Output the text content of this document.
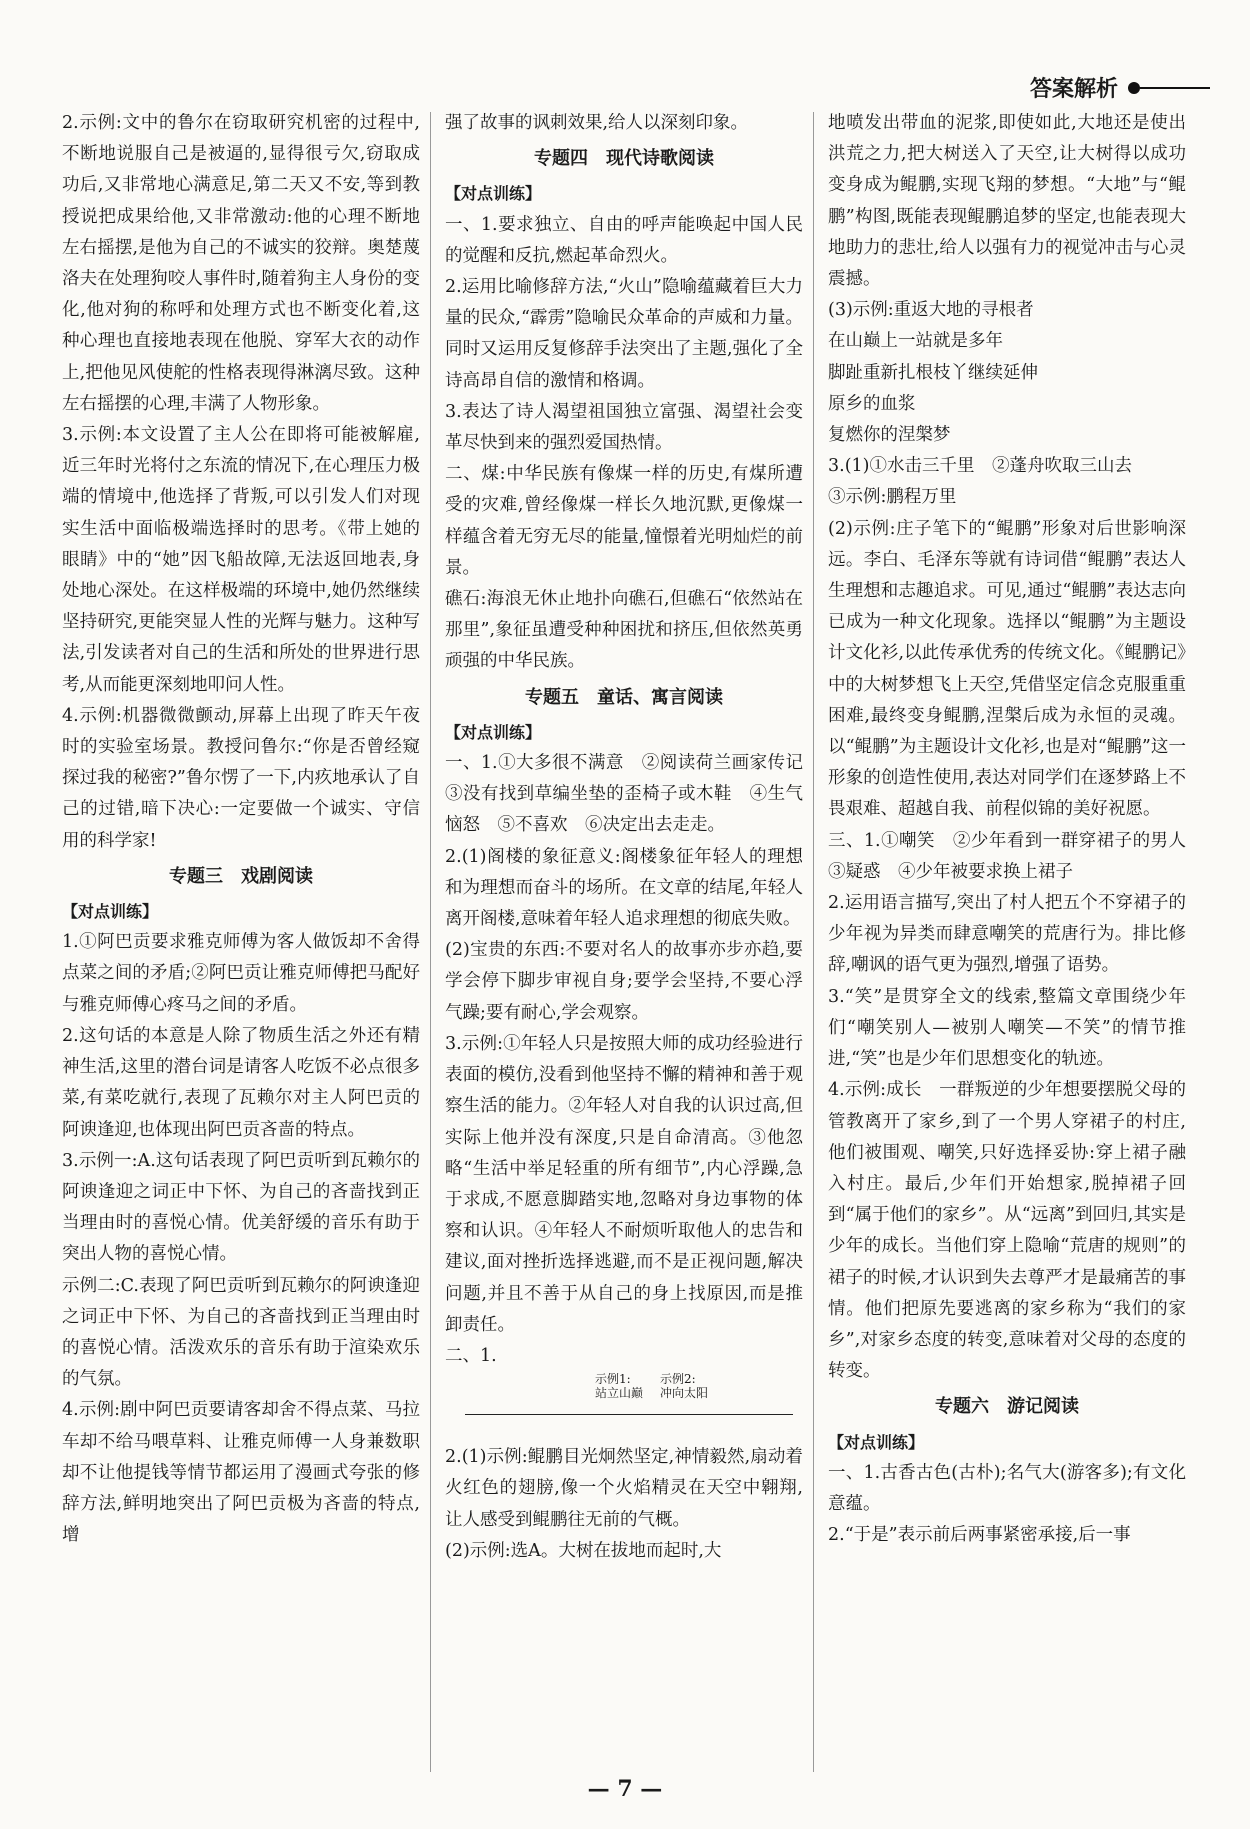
答案解析

2.示例:文中的鲁尔在窃取研究机密的过程中,不断地说服自己是被逼的,显得很亏欠,窃取成功后,又非常地心满意足,第二天又不安,等到教授说把成果给他,又非常激动:他的心理不断地左右摇摆,是他为自己的不诚实的狡辩。奥楚蔑洛夫在处理狗咬人事件时,随着狗主人身份的变化,他对狗的称呼和处理方式也不断变化着,这种心理也直接地表现在他脱、穿军大衣的动作上,把他见风使舵的性格表现得淋漓尽致。这种左右摇摆的心理,丰满了人物形象。

3.示例:本文设置了主人公在即将可能被解雇,近三年时光将付之东流的情况下,在心理压力极端的情境中,他选择了背叛,可以引发人们对现实生活中面临极端选择时的思考。《带上她的眼睛》中的“她”因飞船故障,无法返回地表,身处地心深处。在这样极端的环境中,她仍然继续坚持研究,更能突显人性的光辉与魅力。这种写法,引发读者对自己的生活和所处的世界进行思考,从而能更深刻地叩问人性。

4.示例:机器微微颤动,屏幕上出现了昨天午夜时的实验室场景。教授问鲁尔:“你是否曾经窥探过我的秘密?”鲁尔愣了一下,内疚地承认了自己的过错,暗下决心:一定要做一个诚实、守信用的科学家!

专题三　戏剧阅读
【对点训练】

1.①阿巴贡要求雅克师傅为客人做饭却不舍得点菜之间的矛盾;②阿巴贡让雅克师傅把马配好与雅克师傅心疼马之间的矛盾。

2.这句话的本意是人除了物质生活之外还有精神生活,这里的潜台词是请客人吃饭不必点很多菜,有菜吃就行,表现了瓦赖尔对主人阿巴贡的阿谀逢迎,也体现出阿巴贡吝啬的特点。

3.示例一:A.这句话表现了阿巴贡听到瓦赖尔的阿谀逢迎之词正中下怀、为自己的吝啬找到正当理由时的喜悦心情。优美舒缓的音乐有助于突出人物的喜悦心情。

示例二:C.表现了阿巴贡听到瓦赖尔的阿谀逢迎之词正中下怀、为自己的吝啬找到正当理由时的喜悦心情。活泼欢乐的音乐有助于渲染欢乐的气氛。

4.示例:剧中阿巴贡要请客却舍不得点菜、马拉车却不给马喂草料、让雅克师傅一人身兼数职却不让他提钱等情节都运用了漫画式夸张的修辞方法,鲜明地突出了阿巴贡极为吝啬的特点,增

强了故事的讽刺效果,给人以深刻印象。

专题四　现代诗歌阅读
【对点训练】

一、1.要求独立、自由的呼声能唤起中国人民的觉醒和反抗,燃起革命烈火。

2.运用比喻修辞方法,“火山”隐喻蕴藏着巨大力量的民众,“霹雳”隐喻民众革命的声威和力量。同时又运用反复修辞手法突出了主题,强化了全诗高昂自信的激情和格调。

3.表达了诗人渴望祖国独立富强、渴望社会变革尽快到来的强烈爱国热情。

二、煤:中华民族有像煤一样的历史,有煤所遭受的灾难,曾经像煤一样长久地沉默,更像煤一样蕴含着无穷无尽的能量,憧憬着光明灿烂的前景。

礁石:海浪无休止地扑向礁石,但礁石“依然站在那里”,象征虽遭受种种困扰和挤压,但依然英勇顽强的中华民族。

专题五　童话、寓言阅读
【对点训练】

一、1.①大多很不满意　②阅读荷兰画家传记　③没有找到草编坐垫的歪椅子或木鞋　④生气恼怒　⑤不喜欢　⑥决定出去走走。

2.(1)阁楼的象征意义:阁楼象征年轻人的理想和为理想而奋斗的场所。在文章的结尾,年轻人离开阁楼,意味着年轻人追求理想的彻底失败。

(2)宝贵的东西:不要对名人的故事亦步亦趋,要学会停下脚步审视自身;要学会坚持,不要心浮气躁;要有耐心,学会观察。

3.示例:①年轻人只是按照大师的成功经验进行表面的模仿,没看到他坚持不懈的精神和善于观察生活的能力。②年轻人对自我的认识过高,但实际上他并没有深度,只是自命清高。③他忽略“生活中举足轻重的所有细节”,内心浮躁,急于求成,不愿意脚踏实地,忽略对身边事物的体察和认识。④年轻人不耐烦听取他人的忠告和建议,面对挫折选择逃避,而不是正视问题,解决问题,并且不善于从自己的身上找原因,而是推卸责任。

二、1.

示例1:
站立山巅
示例2:
冲向太阳

2.(1)示例:鲲鹏目光炯然坚定,神情毅然,扇动着火红色的翅膀,像一个火焰精灵在天空中翱翔,让人感受到鲲鹏往无前的气概。

(2)示例:选A。大树在拔地而起时,大

地喷发出带血的泥浆,即使如此,大地还是使出洪荒之力,把大树送入了天空,让大树得以成功变身成为鲲鹏,实现飞翔的梦想。“大地”与“鲲鹏”构图,既能表现鲲鹏追梦的坚定,也能表现大地助力的悲壮,给人以强有力的视觉冲击与心灵震撼。

(3)示例:重返大地的寻根者

在山巅上一站就是多年

脚趾重新扎根枝丫继续延伸

原乡的血浆

复燃你的涅槃梦

3.(1)①水击三千里　②蓬舟吹取三山去

③示例:鹏程万里

(2)示例:庄子笔下的“鲲鹏”形象对后世影响深远。李白、毛泽东等就有诗词借“鲲鹏”表达人生理想和志趣追求。可见,通过“鲲鹏”表达志向已成为一种文化现象。选择以“鲲鹏”为主题设计文化衫,以此传承优秀的传统文化。《鲲鹏记》中的大树梦想飞上天空,凭借坚定信念克服重重困难,最终变身鲲鹏,涅槃后成为永恒的灵魂。以“鲲鹏”为主题设计文化衫,也是对“鲲鹏”这一形象的创造性使用,表达对同学们在逐梦路上不畏艰难、超越自我、前程似锦的美好祝愿。

三、1.①嘲笑　②少年看到一群穿裙子的男人　③疑惑　④少年被要求换上裙子

2.运用语言描写,突出了村人把五个不穿裙子的少年视为异类而肆意嘲笑的荒唐行为。排比修辞,嘲讽的语气更为强烈,增强了语势。

3.“笑”是贯穿全文的线索,整篇文章围绕少年们“嘲笑别人—被别人嘲笑—不笑”的情节推进,“笑”也是少年们思想变化的轨迹。

4.示例:成长　一群叛逆的少年想要摆脱父母的管教离开了家乡,到了一个男人穿裙子的村庄,他们被围观、嘲笑,只好选择妥协:穿上裙子融入村庄。最后,少年们开始想家,脱掉裙子回到“属于他们的家乡”。从“远离”到回归,其实是少年的成长。当他们穿上隐喻“荒唐的规则”的裙子的时候,才认识到失去尊严才是最痛苦的事情。他们把原先要逃离的家乡称为“我们的家乡”,对家乡态度的转变,意味着对父母的态度的转变。

专题六　游记阅读
【对点训练】

一、1.古香古色(古朴);名气大(游客多);有文化意蕴。

2.“于是”表示前后两事紧密承接,后一事

— 7 —
